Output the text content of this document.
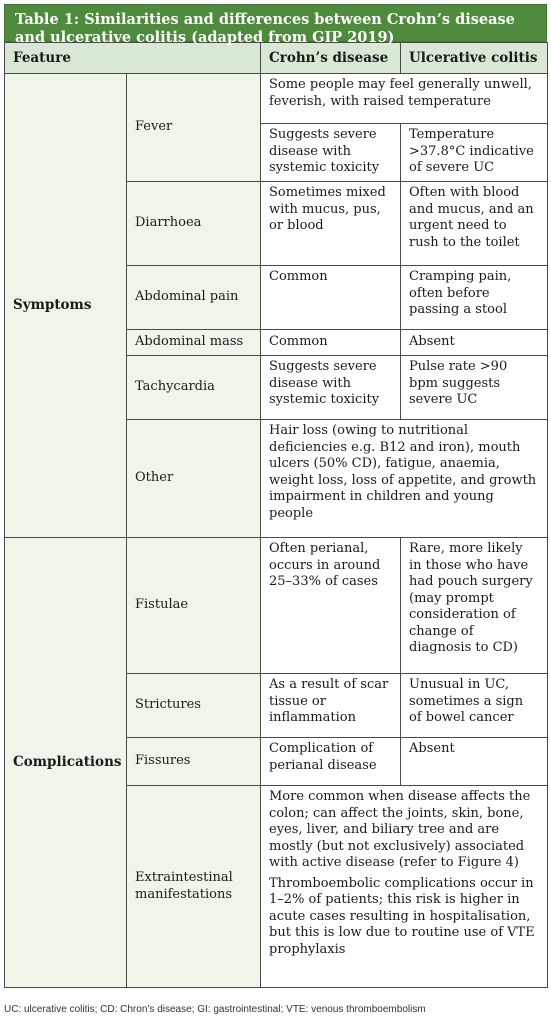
Table 1: Similarities and differences between Crohn’s disease and ulcerative colitis (adapted from GIP 2019)
Feature		Crohn’s disease	Ulcerative colitis
Symptoms	Fever	Some people may feel generally unwell, feverish, with raised temperature	
		Suggests severe disease with systemic toxicity	Temperature >37.8°C indicative of severe UC
	Diarrhoea	Sometimes mixed with mucus, pus, or blood	Often with blood and mucus, and an urgent need to rush to the toilet
	Abdominal pain	Common	Cramping pain, often before passing a stool
	Abdominal mass	Common	Absent
	Tachycardia	Suggests severe disease with systemic toxicity	Pulse rate >90 bpm suggests severe UC
	Other	Hair loss (owing to nutritional deficiencies e.g. B12 and iron), mouth ulcers (50% CD), fatigue, anaemia, weight loss, loss of appetite, and growth impairment in children and young people	

Complications	Fistulae	Often perianal, occurs in around 25–33% of cases	Rare, more likely in those who have had pouch surgery (may prompt consideration of change of diagnosis to CD)
	Strictures	As a result of scar tissue or inflammation	Unusual in UC, sometimes a sign of bowel cancer
	Fissures	Complication of perianal disease	Absent
	Extraintestinal manifestations	More common when disease affects the colon; can affect the joints, skin, bone, eyes, liver, and biliary tree and are mostly (but not exclusively) associated with active disease (refer to Figure 4)

Thromboembolic complications occur in 1–2% of patients; this risk is higher in acute cases resulting in hospitalisation, but this is low due to routine use of VTE prophylaxis	

UC: ulcerative colitis; CD: Chron’s disease; GI: gastrointestinal; VTE: venous thromboembolism
